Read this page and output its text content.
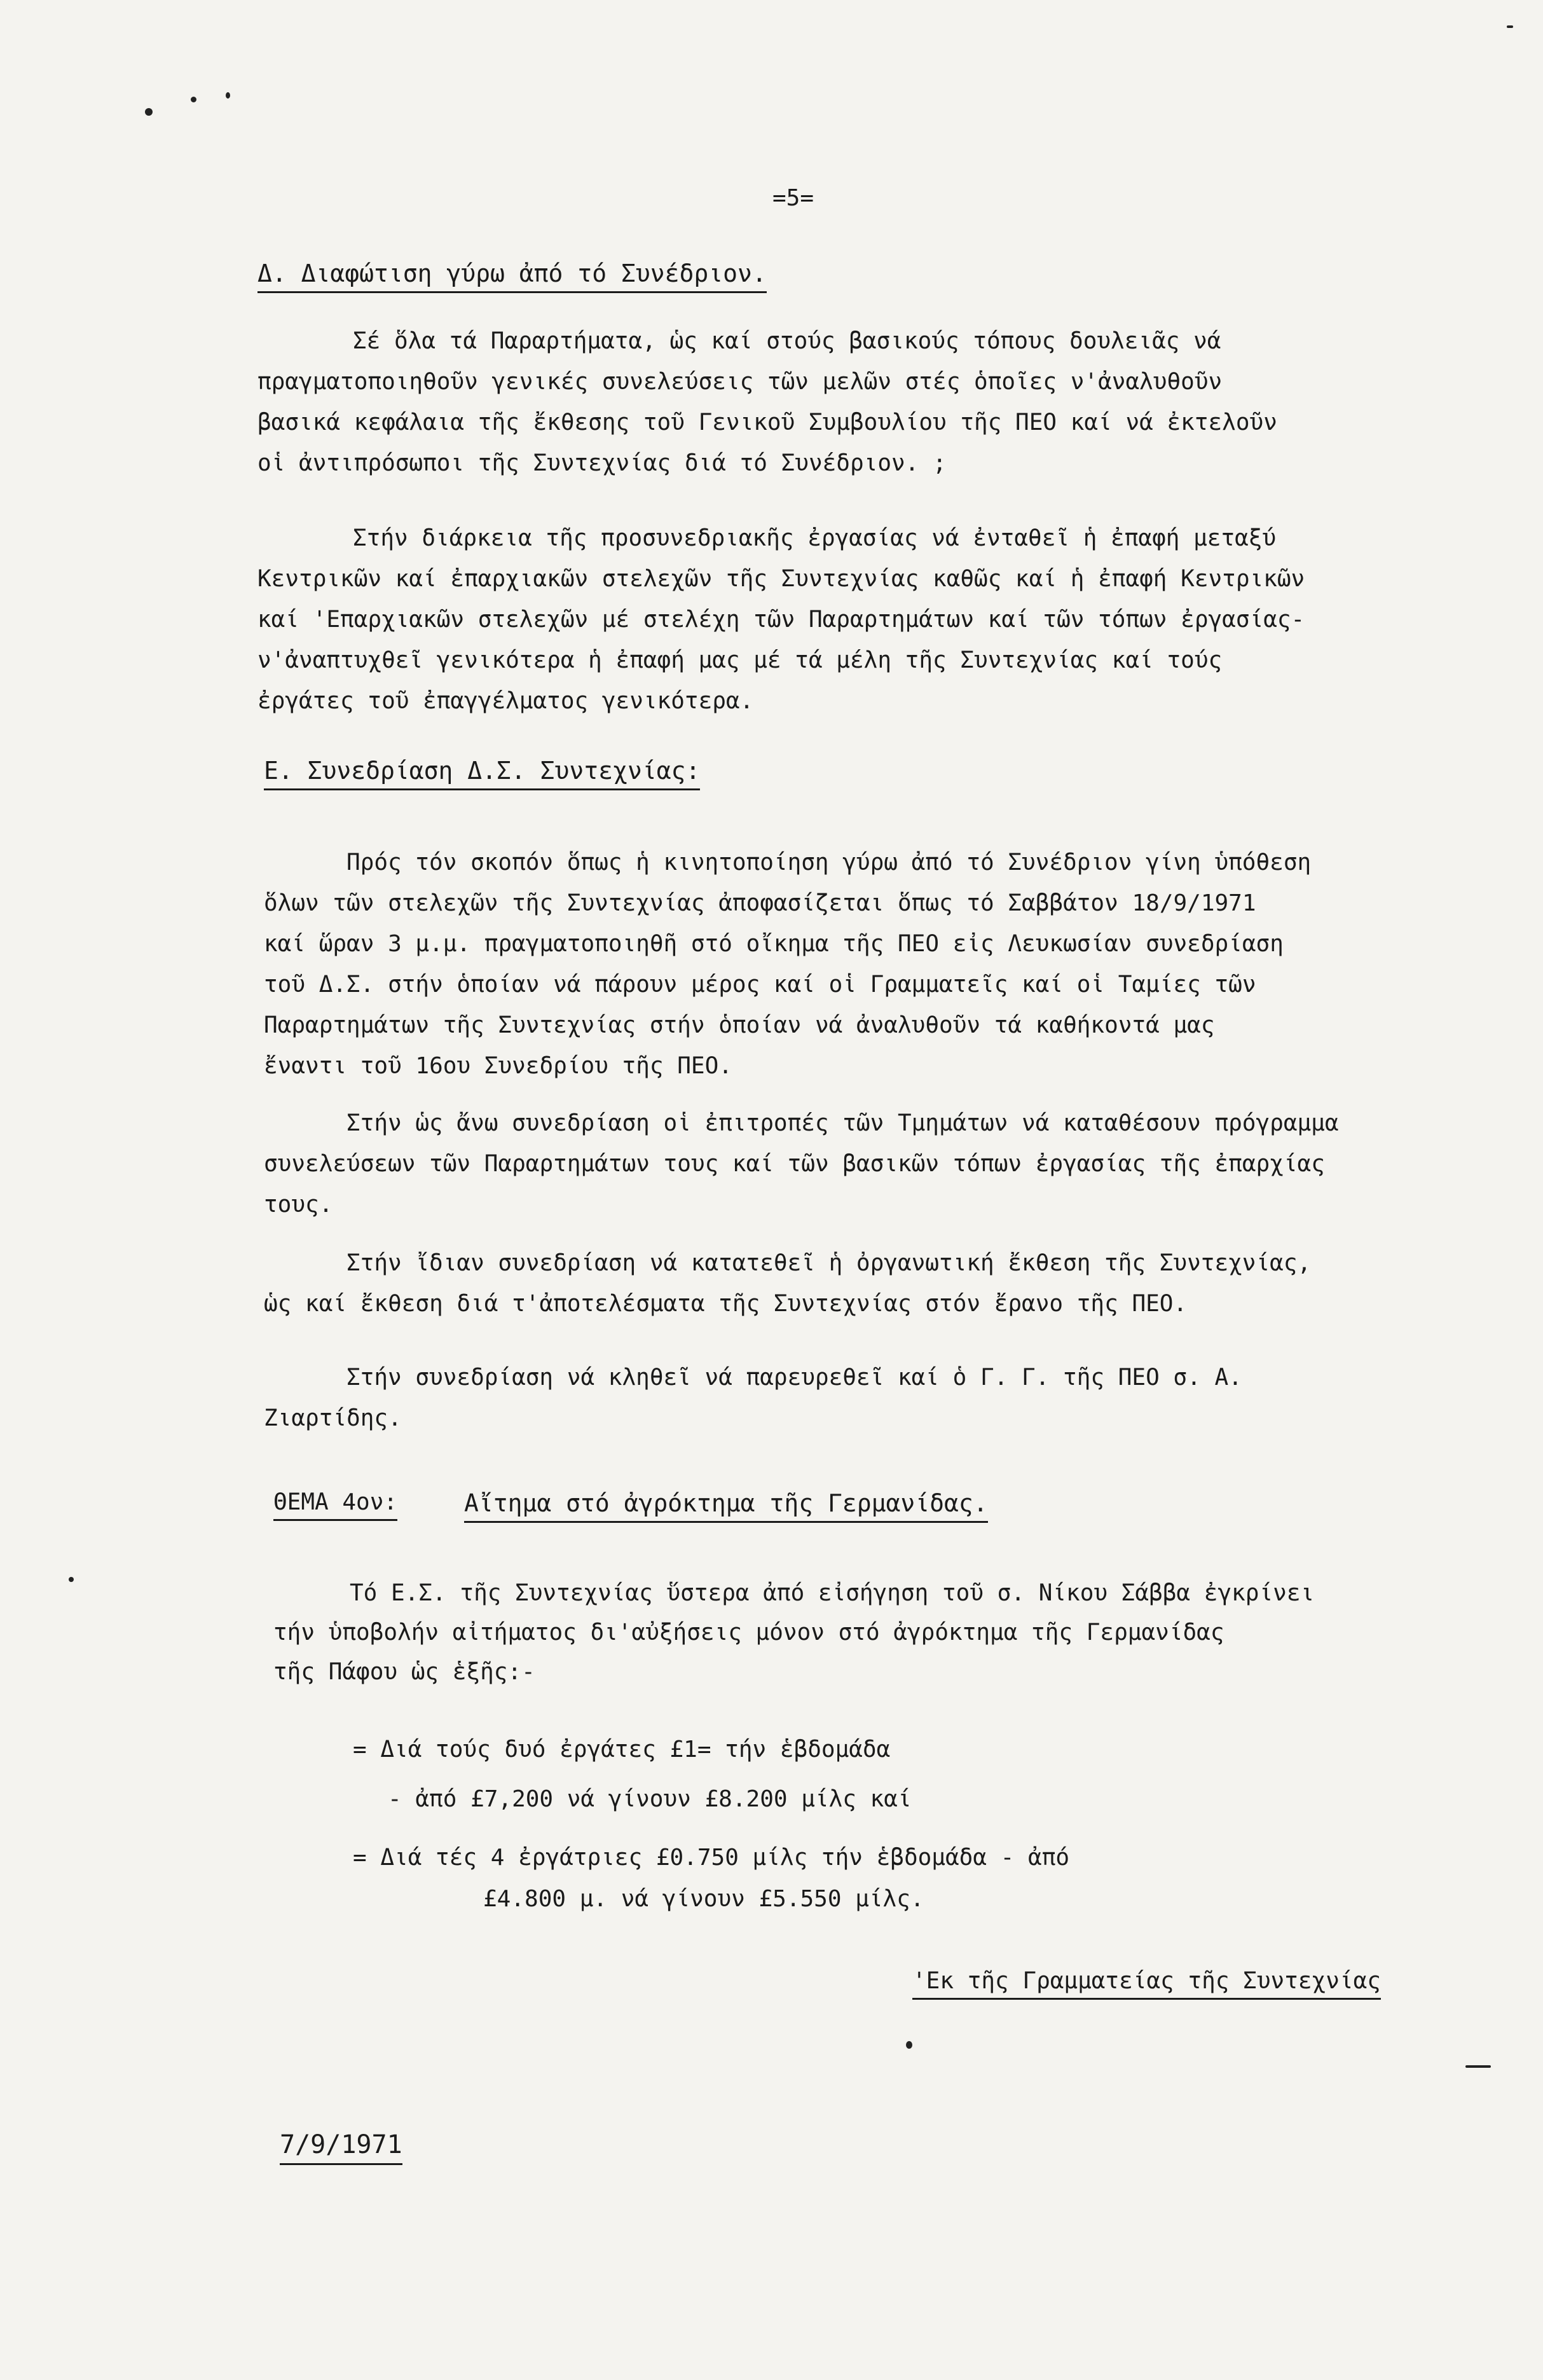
=5=
Δ. Διαφώτιση γύρω ἀπό τό Συνέδριον.
Σέ ὅλα τά Παραρτήματα, ὡς καί στούς βασικούς τόπους δουλειᾶς νά
πραγματοποιηθοῦν γενικές συνελεύσεις τῶν μελῶν στές ὁποῖες ν'ἀναλυθοῦν
βασικά κεφάλαια τῆς ἔκθεσης τοῦ Γενικοῦ Συμβουλίου τῆς ΠΕΟ καί νά ἐκτελοῦν
οἱ ἀντιπρόσωποι τῆς Συντεχνίας διά τό Συνέδριον. ;
Στήν διάρκεια τῆς προσυνεδριακῆς ἐργασίας νά ἐνταθεῖ ἡ ἐπαφή μεταξύ
Κεντρικῶν καί ἐπαρχιακῶν στελεχῶν τῆς Συντεχνίας καθῶς καί ἡ ἐπαφή Κεντρικῶν
καί 'Επαρχιακῶν στελεχῶν μέ στελέχη τῶν Παραρτημάτων καί τῶν τόπων ἐργασίας-
ν'ἀναπτυχθεῖ γενικότερα ἡ ἐπαφή μας μέ τά μέλη τῆς Συντεχνίας καί τούς
ἐργάτες τοῦ ἐπαγγέλματος γενικότερα.
Ε. Συνεδρίαση Δ.Σ. Συντεχνίας:
Πρός τόν σκοπόν ὅπως ἡ κινητοποίηση γύρω ἀπό τό Συνέδριον γίνη ὑπόθεση
ὅλων τῶν στελεχῶν τῆς Συντεχνίας ἀποφασίζεται ὅπως τό Σαββάτον 18/9/1971
καί ὥραν 3 μ.μ. πραγματοποιηθῆ στό οἴκημα τῆς ΠΕΟ εἰς Λευκωσίαν συνεδρίαση
τοῦ Δ.Σ. στήν ὁποίαν νά πάρουν μέρος καί οἱ Γραμματεῖς καί οἱ Ταμίες τῶν
Παραρτημάτων τῆς Συντεχνίας στήν ὁποίαν νά ἀναλυθοῦν τά καθήκοντά μας
ἔναντι τοῦ 16ου Συνεδρίου τῆς ΠΕΟ.
Στήν ὡς ἄνω συνεδρίαση οἱ ἐπιτροπές τῶν Τμημάτων νά καταθέσουν πρόγραμμα
συνελεύσεων τῶν Παραρτημάτων τους καί τῶν βασικῶν τόπων ἐργασίας τῆς ἐπαρχίας
τους.
Στήν ἴδιαν συνεδρίαση νά κατατεθεῖ ἡ ὀργανωτική ἔκθεση τῆς Συντεχνίας,
ὡς καί ἔκθεση διά τ'ἀποτελέσματα τῆς Συντεχνίας στόν ἔρανο τῆς ΠΕΟ.
Στήν συνεδρίαση νά κληθεῖ νά παρευρεθεῖ καί ὁ Γ. Γ. τῆς ΠΕΟ σ. Α.
Ζιαρτίδης.
ΘΕΜΑ 4ον:	Αἴτημα στό ἀγρόκτημα τῆς Γερμανίδας.
Τό Ε.Σ. τῆς Συντεχνίας ὕστερα ἀπό εἰσήγηση τοῦ σ. Νίκου Σάββα ἐγκρίνει
τήν ὑποβολήν αἰτήματος δι'αὐξήσεις μόνον στό ἀγρόκτημα τῆς Γερμανίδας
τῆς Πάφου ὡς ἑξῆς:-
= Διά τούς δυό ἐργάτες £1= τήν ἑβδομάδα
- ἀπό £7,200 νά γίνουν £8.200 μίλς καί
= Διά τές 4 ἐργάτριες £0.750 μίλς τήν ἑβδομάδα - ἀπό
£4.800 μ. νά γίνουν £5.550 μίλς.
'Εκ τῆς Γραμματείας τῆς Συντεχνίας
7/9/1971
